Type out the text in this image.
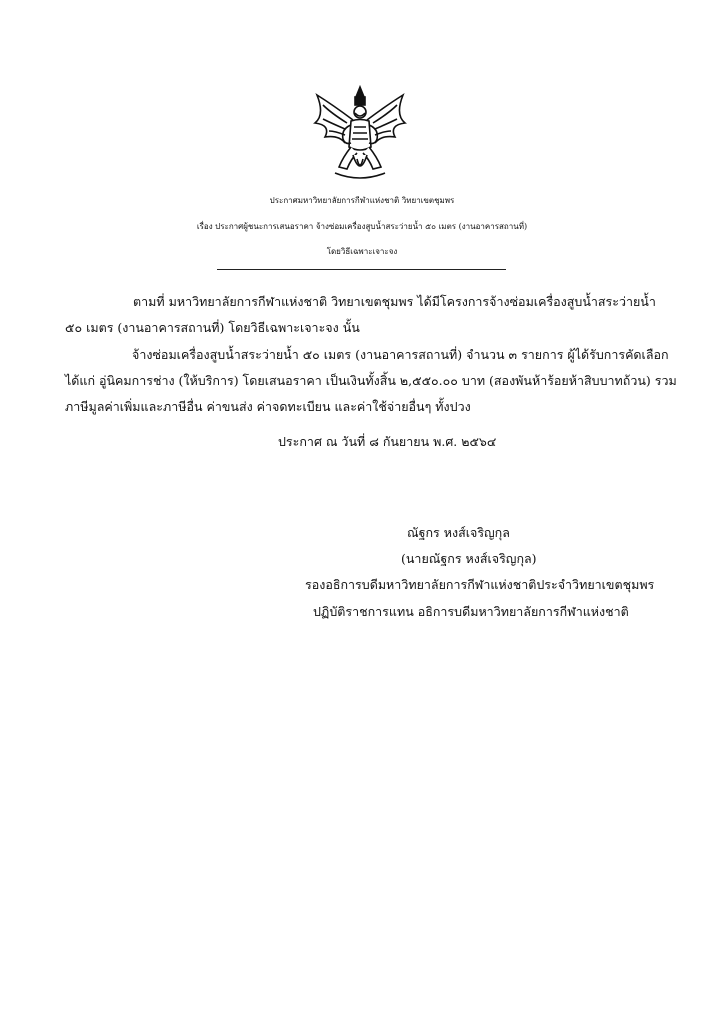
ประกาศมหาวิทยาลัยการกีฬาแห่งชาติ วิทยาเขตชุมพร
เรื่อง ประกาศผู้ชนะการเสนอราคา จ้างซ่อมเครื่องสูบน้ำสระว่ายน้ำ ๕๐ เมตร (งานอาคารสถานที่)
โดยวิธีเฉพาะเจาะจง
ตามที่ มหาวิทยาลัยการกีฬาแห่งชาติ วิทยาเขตชุมพร ได้มีโครงการจ้างซ่อมเครื่องสูบน้ำสระว่ายน้ำ
๕๐ เมตร (งานอาคารสถานที่) โดยวิธีเฉพาะเจาะจง นั้น
จ้างซ่อมเครื่องสูบน้ำสระว่ายน้ำ ๕๐ เมตร (งานอาคารสถานที่) จำนวน ๓ รายการ ผู้ได้รับการคัดเลือก
ได้แก่ อู่นิคมการช่าง (ให้บริการ) โดยเสนอราคา เป็นเงินทั้งสิ้น ๒,๕๕๐.๐๐ บาท (สองพันห้าร้อยห้าสิบบาทถ้วน) รวม
ภาษีมูลค่าเพิ่มและภาษีอื่น ค่าขนส่ง ค่าจดทะเบียน และค่าใช้จ่ายอื่นๆ ทั้งปวง
ประกาศ ณ วันที่ ๘ กันยายน พ.ศ. ๒๕๖๔
ณัฐกร หงส์เจริญกุล
(นายณัฐกร หงส์เจริญกุล)
รองอธิการบดีมหาวิทยาลัยการกีฬาแห่งชาติประจำวิทยาเขตชุมพร
ปฏิบัติราชการแทน อธิการบดีมหาวิทยาลัยการกีฬาแห่งชาติ
